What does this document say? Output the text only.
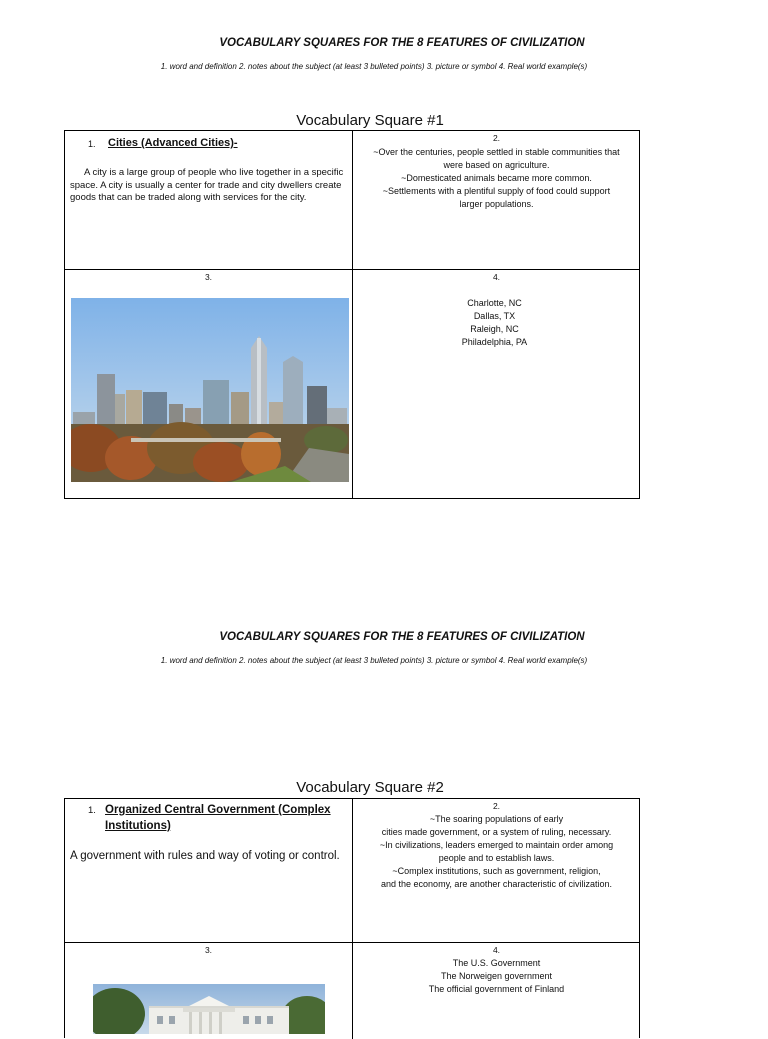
VOCABULARY SQUARES FOR THE 8 FEATURES OF CIVILIZATION
1. word and definition 2. notes about the subject (at least 3 bulleted points) 3. picture or symbol 4. Real world example(s)
Vocabulary Square #1
1. Cities (Advanced Cities)-
A city is a large group of people who live together in a specific space. A city is usually a center for trade and city dwellers create goods that can be traded along with services for the city.
2.
~Over the centuries, people settled in stable communities that
were based on agriculture.
~Domesticated animals became more common.
~Settlements with a plentiful supply of food could support
larger populations.
3.	4.
Charlotte, NC
Dallas, TX
Raleigh, NC
Philadelphia, PA
VOCABULARY SQUARES FOR THE 8 FEATURES OF CIVILIZATION
1. word and definition 2. notes about the subject (at least 3 bulleted points) 3. picture or symbol 4. Real world example(s)
Vocabulary Square #2
1. Organized Central Government (Complex
Institutions)
A government with rules and way of voting or control.
2.
~The soaring populations of early
cities made government, or a system of ruling, necessary.
~In civilizations, leaders emerged to maintain order among
people and to establish laws.
~Complex institutions, such as government, religion,
and the economy, are another characteristic of civilization.
3.	4.
The U.S. Government
The Norweigen government
The official government of Finland
